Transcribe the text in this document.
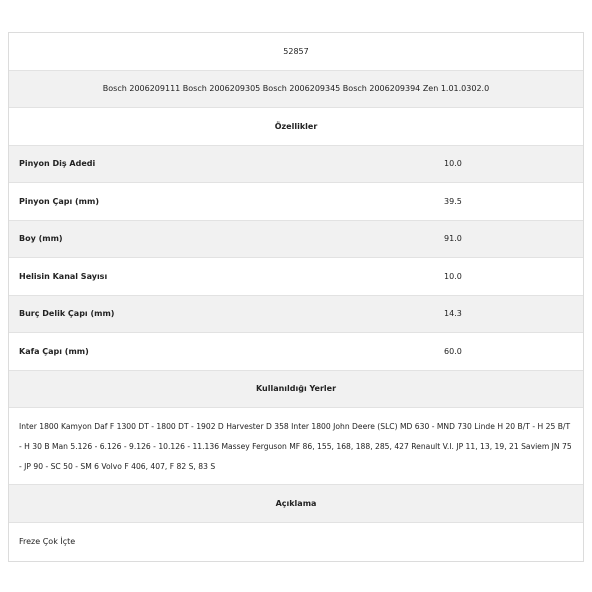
52857
Bosch 2006209111 Bosch 2006209305 Bosch 2006209345 Bosch 2006209394 Zen 1.01.0302.0
Özellikler
Pinyon Diş Adedi	10.0
Pinyon Çapı (mm)	39.5
Boy (mm)	91.0
Helisin Kanal Sayısı	10.0
Burç Delik Çapı (mm)	14.3
Kafa Çapı (mm)	60.0
Kullanıldığı Yerler
Inter 1800 Kamyon Daf F 1300 DT - 1800 DT - 1902 D Harvester D 358 Inter 1800 John Deere (SLC) MD 630 - MND 730 Linde H 20 B/T - H 25 B/T - H 30 B Man 5.126 - 6.126 - 9.126 - 10.126 - 11.136 Massey Ferguson MF 86, 155, 168, 188, 285, 427 Renault V.I. JP 11, 13, 19, 21 Saviem JN 75 - JP 90 - SC 50 - SM 6 Volvo F 406, 407, F 82 S, 83 S
Açıklama
Freze Çok İçte
